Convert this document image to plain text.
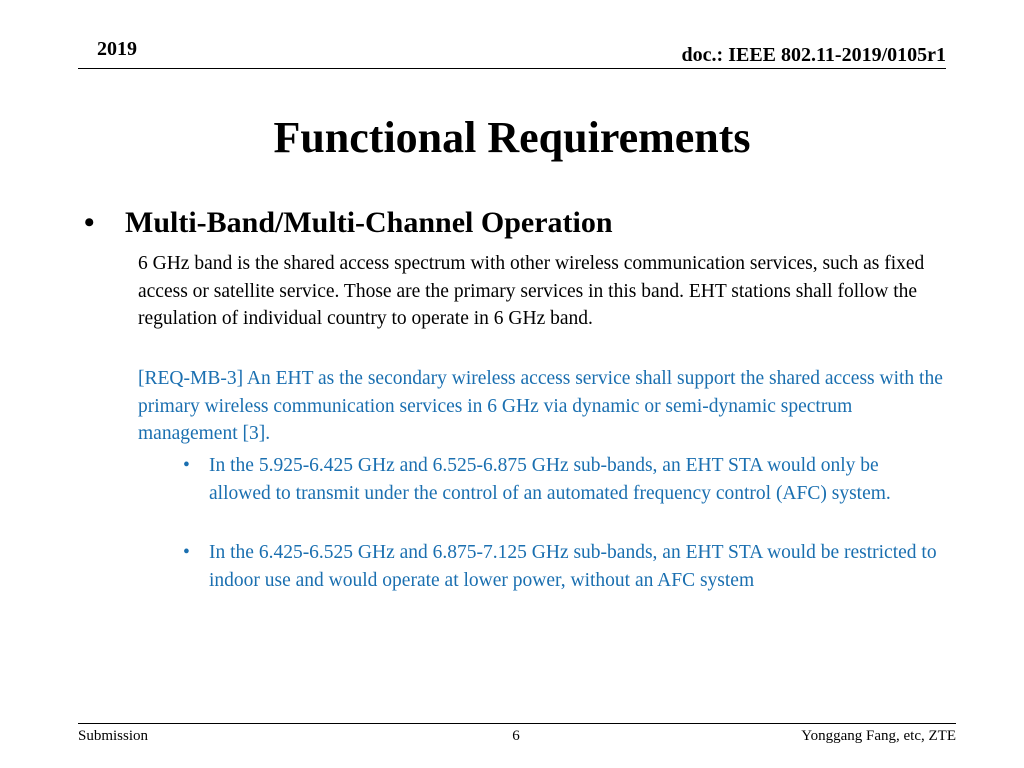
2019	doc.: IEEE 802.11-2019/0105r1
Functional Requirements
• Multi-Band/Multi-Channel Operation
6 GHz band is the shared access spectrum with other wireless communication services, such as fixed access or satellite service. Those are the primary services in this band. EHT stations shall follow the regulation of individual country to operate in 6 GHz band.
[REQ-MB-3] An EHT as the secondary wireless access service shall support the shared access with the primary wireless communication services in 6 GHz via dynamic or semi-dynamic spectrum management [3].
• In the 5.925-6.425 GHz and 6.525-6.875 GHz sub-bands, an EHT STA would only be allowed to transmit under the control of an automated frequency control (AFC) system.
• In the 6.425-6.525 GHz and 6.875-7.125 GHz sub-bands, an EHT STA would be restricted to indoor use and would operate at lower power, without an AFC system
Submission	6	Yonggang Fang, etc, ZTE
